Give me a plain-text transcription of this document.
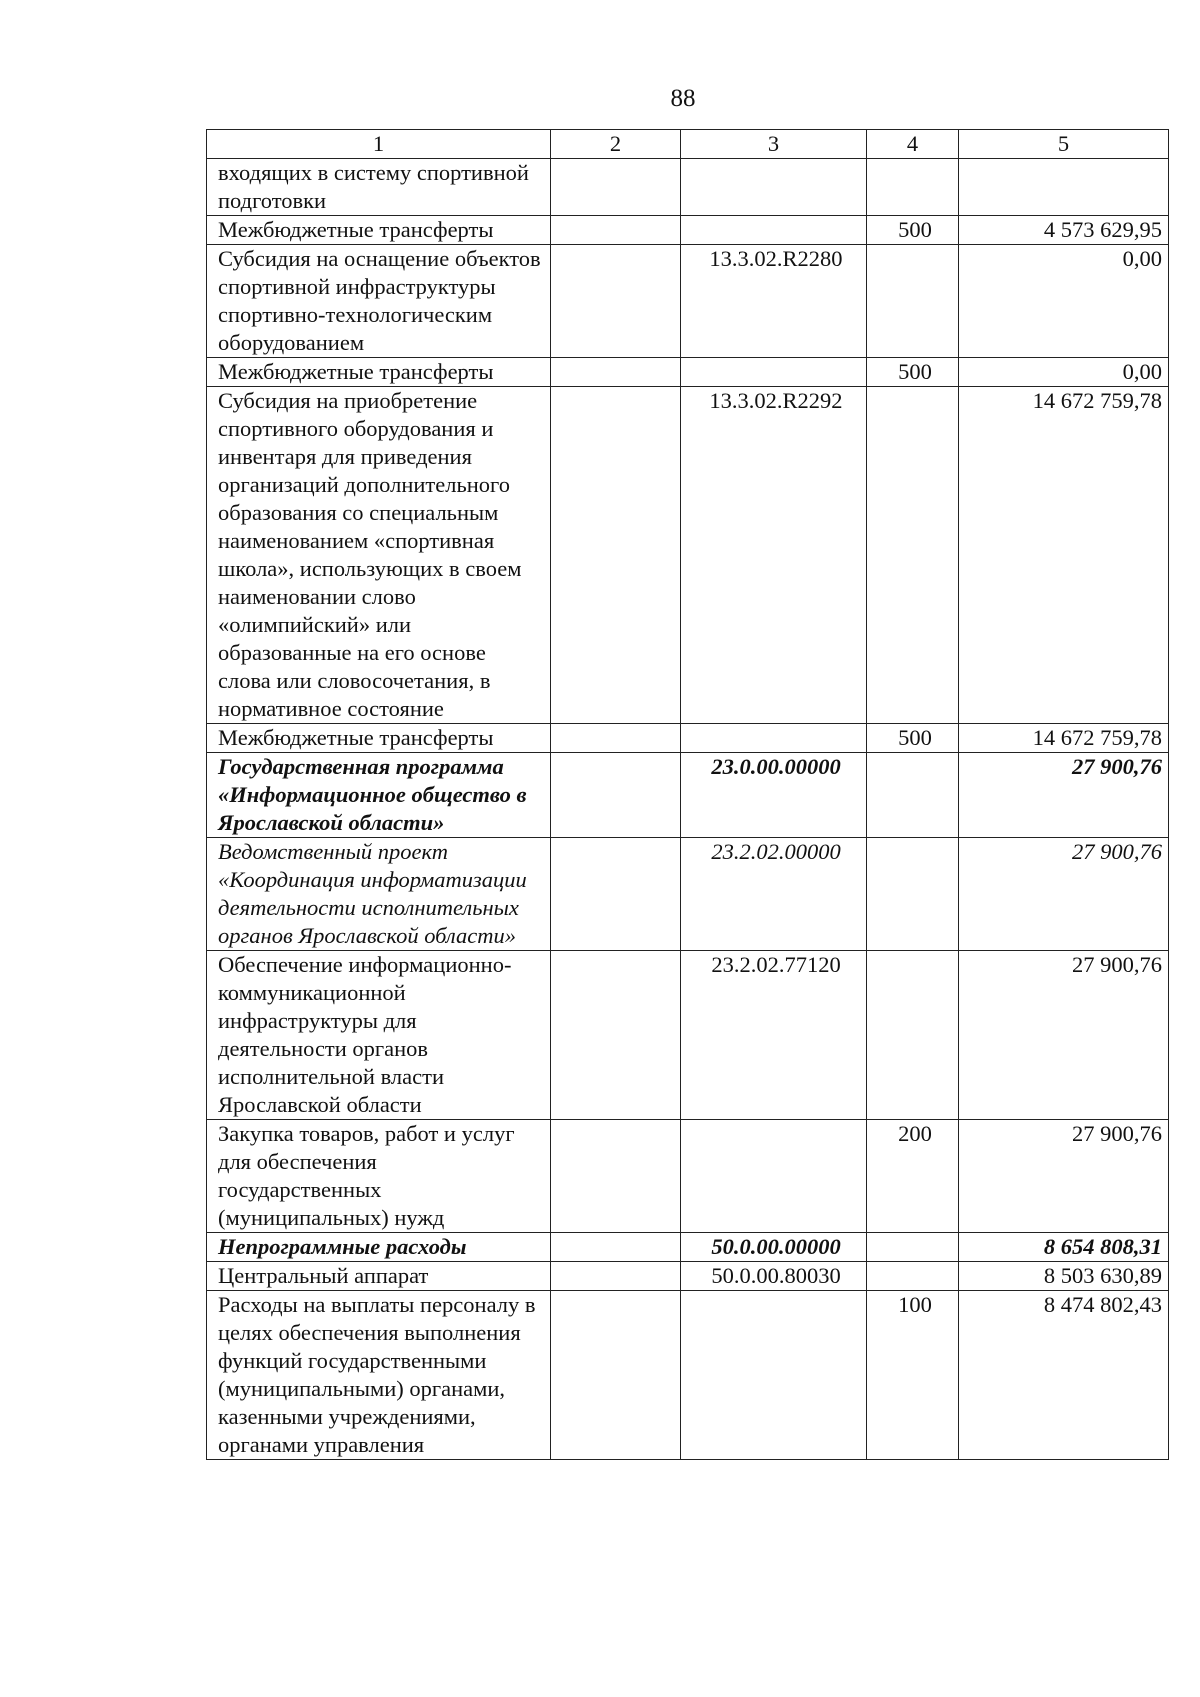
88
1	2	3	4	5
входящих в систему спортивной подготовки				
Межбюджетные трансферты			500	4 573 629,95
Субсидия на оснащение объектов спортивной инфраструктуры спортивно-технологическим оборудованием		13.3.02.R2280		0,00
Межбюджетные трансферты			500	0,00
Субсидия на приобретение спортивного оборудования и инвентаря для приведения организаций дополнительного образования со специальным наименованием «спортивная школа», использующих в своем наименовании слово «олимпийский» или образованные на его основе слова или словосочетания, в нормативное состояние		13.3.02.R2292		14 672 759,78
Межбюджетные трансферты			500	14 672 759,78
Государственная программа «Информационное общество в Ярославской области»		23.0.00.00000		27 900,76
Ведомственный проект «Координация информатизации деятельности исполнительных органов Ярославской области»		23.2.02.00000		27 900,76
Обеспечение информационно-коммуникационной инфраструктуры для деятельности органов исполнительной власти Ярославской области		23.2.02.77120		27 900,76
Закупка товаров, работ и услуг для обеспечения государственных (муниципальных) нужд			200	27 900,76
Непрограммные расходы		50.0.00.00000		8 654 808,31
Центральный аппарат		50.0.00.80030		8 503 630,89
Расходы на выплаты персоналу в целях обеспечения выполнения функций государственными (муниципальными) органами, казенными учреждениями, органами управления			100	8 474 802,43
